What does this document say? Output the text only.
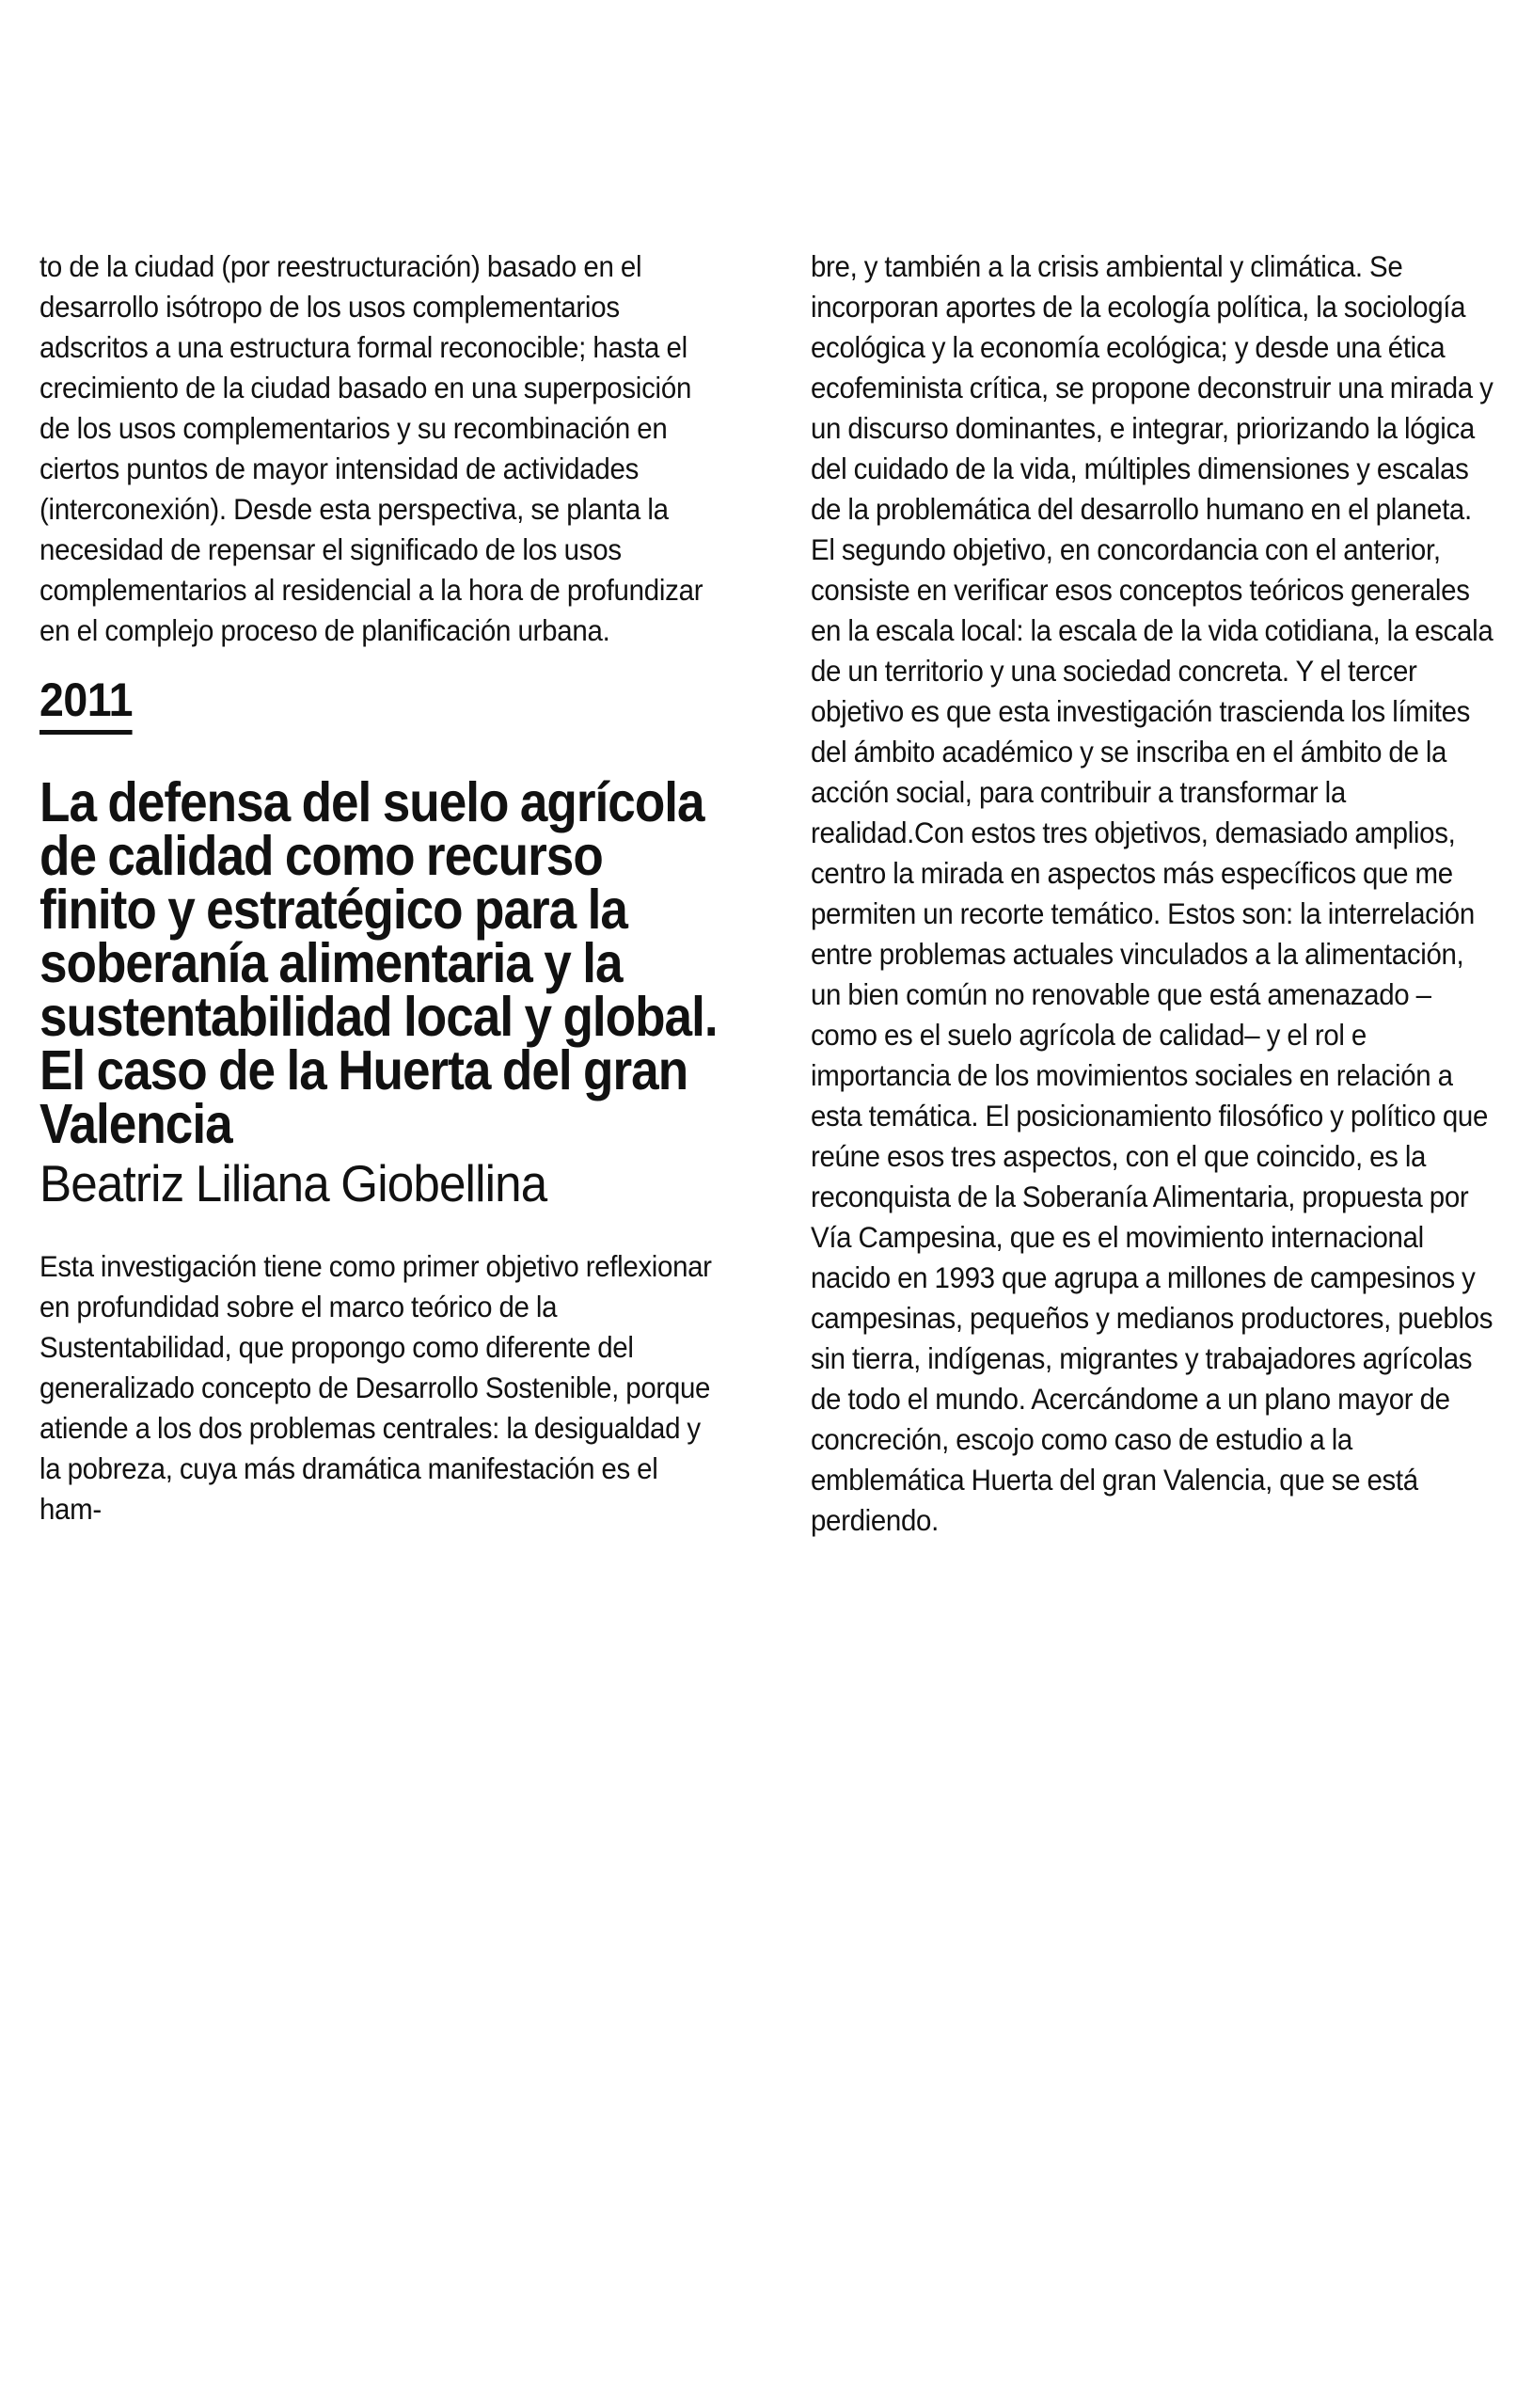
to de la ciudad (por reestructuración) basado en el desarrollo isótropo de los usos complementarios adscritos a una estructura formal reconocible; hasta el crecimiento de la ciudad basado en una superposición de los usos complementarios y su recombinación en ciertos puntos de mayor intensidad de actividades (interconexión). Desde esta perspectiva, se planta la necesidad de repensar el significado de los usos complementarios al residencial a la hora de profundizar en el complejo proceso de planificación urbana.

2011
La defensa del suelo agrícola de calidad como recurso finito y estratégico para la soberanía alimentaria y la sustentabilidad local y global. El caso de la Huerta del gran Valencia
Beatriz Liliana Giobellina

Esta investigación tiene como primer objetivo reflexionar en profundidad sobre el marco teórico de la Sustentabilidad, que propongo como diferente del generalizado concepto de Desarrollo Sostenible, porque atiende a los dos problemas centrales: la desigualdad y la pobreza, cuya más dramática manifestación es el ham-

bre, y también a la crisis ambiental y climática. Se incorporan aportes de la ecología política, la sociología ecológica y la economía ecológica; y desde una ética ecofeminista crítica, se propone deconstruir una mirada y un discurso dominantes, e integrar, priorizando la lógica del cuidado de la vida, múltiples dimensiones y escalas de la problemática del desarrollo humano en el planeta. El segundo objetivo, en concordancia con el anterior, consiste en verificar esos conceptos teóricos generales en la escala local: la escala de la vida cotidiana, la escala de un territorio y una sociedad concreta. Y el tercer objetivo es que esta investigación trascienda los límites del ámbito académico y se inscriba en el ámbito de la acción social, para contribuir a transformar la realidad.Con estos tres objetivos, demasiado amplios, centro la mirada en aspectos más específicos que me permiten un recorte temático. Estos son: la interrelación entre problemas actuales vinculados a la alimentación, un bien común no renovable que está amenazado –como es el suelo agrícola de calidad– y el rol e importancia de los movimientos sociales en relación a esta temática. El posicionamiento filosófico y político que reúne esos tres aspectos, con el que coincido, es la reconquista de la Soberanía Alimentaria, propuesta por Vía Campesina, que es el movimiento internacional nacido en 1993 que agrupa a millones de campesinos y campesinas, pequeños y medianos productores, pueblos sin tierra, indígenas, migrantes y trabajadores agrícolas de todo el mundo. Acercándome a un plano mayor de concreción, escojo como caso de estudio a la emblemática Huerta del gran Valencia, que se está perdiendo.
